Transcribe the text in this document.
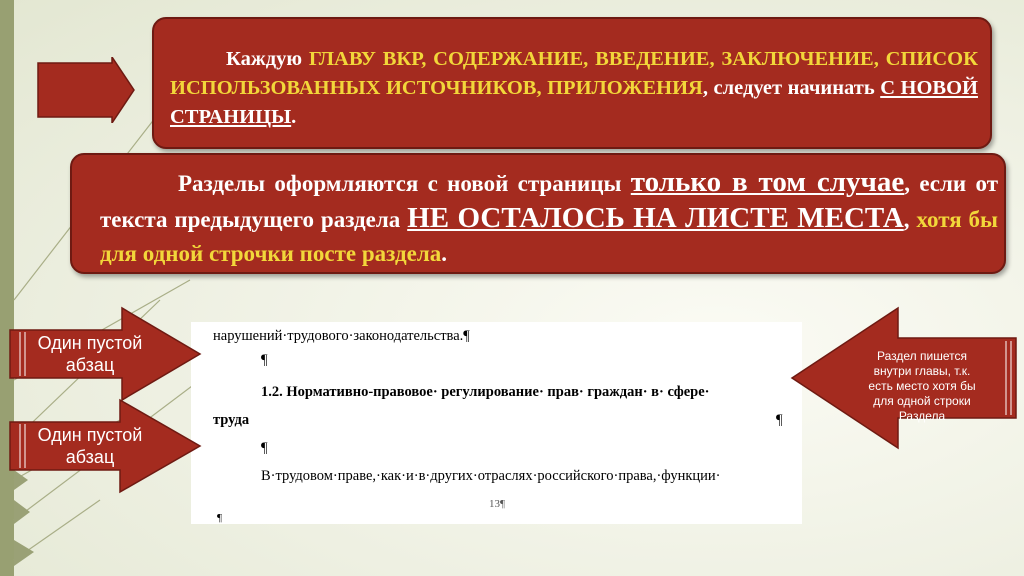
Каждую ГЛАВУ ВКР, СОДЕРЖАНИЕ, ВВЕДЕНИЕ, ЗАКЛЮЧЕНИЕ, СПИСОК ИСПОЛЬЗОВАННЫХ ИСТОЧНИКОВ, ПРИЛОЖЕНИЯ, следует начинать С НОВОЙ СТРАНИЦЫ.
Разделы оформляются с новой страницы только в том случае, если от текста предыдущего раздела НЕ ОСТАЛОСЬ НА ЛИСТЕ МЕСТА, хотя бы для одной строчки посте раздела.
нарушений·трудового·законодательства.¶
¶
1.2. Нормативно-правовое· регулирование· прав· граждан· в· сфере·
труда	¶
¶
В·трудовом·праве,·как·и·в·других·отраслях·российского·права,·функции·
13¶
¶
Один пустой абзац
Один пустой абзац
Раздел пишется внутри главы, т.к. есть место хотя бы для одной строки Раздела
